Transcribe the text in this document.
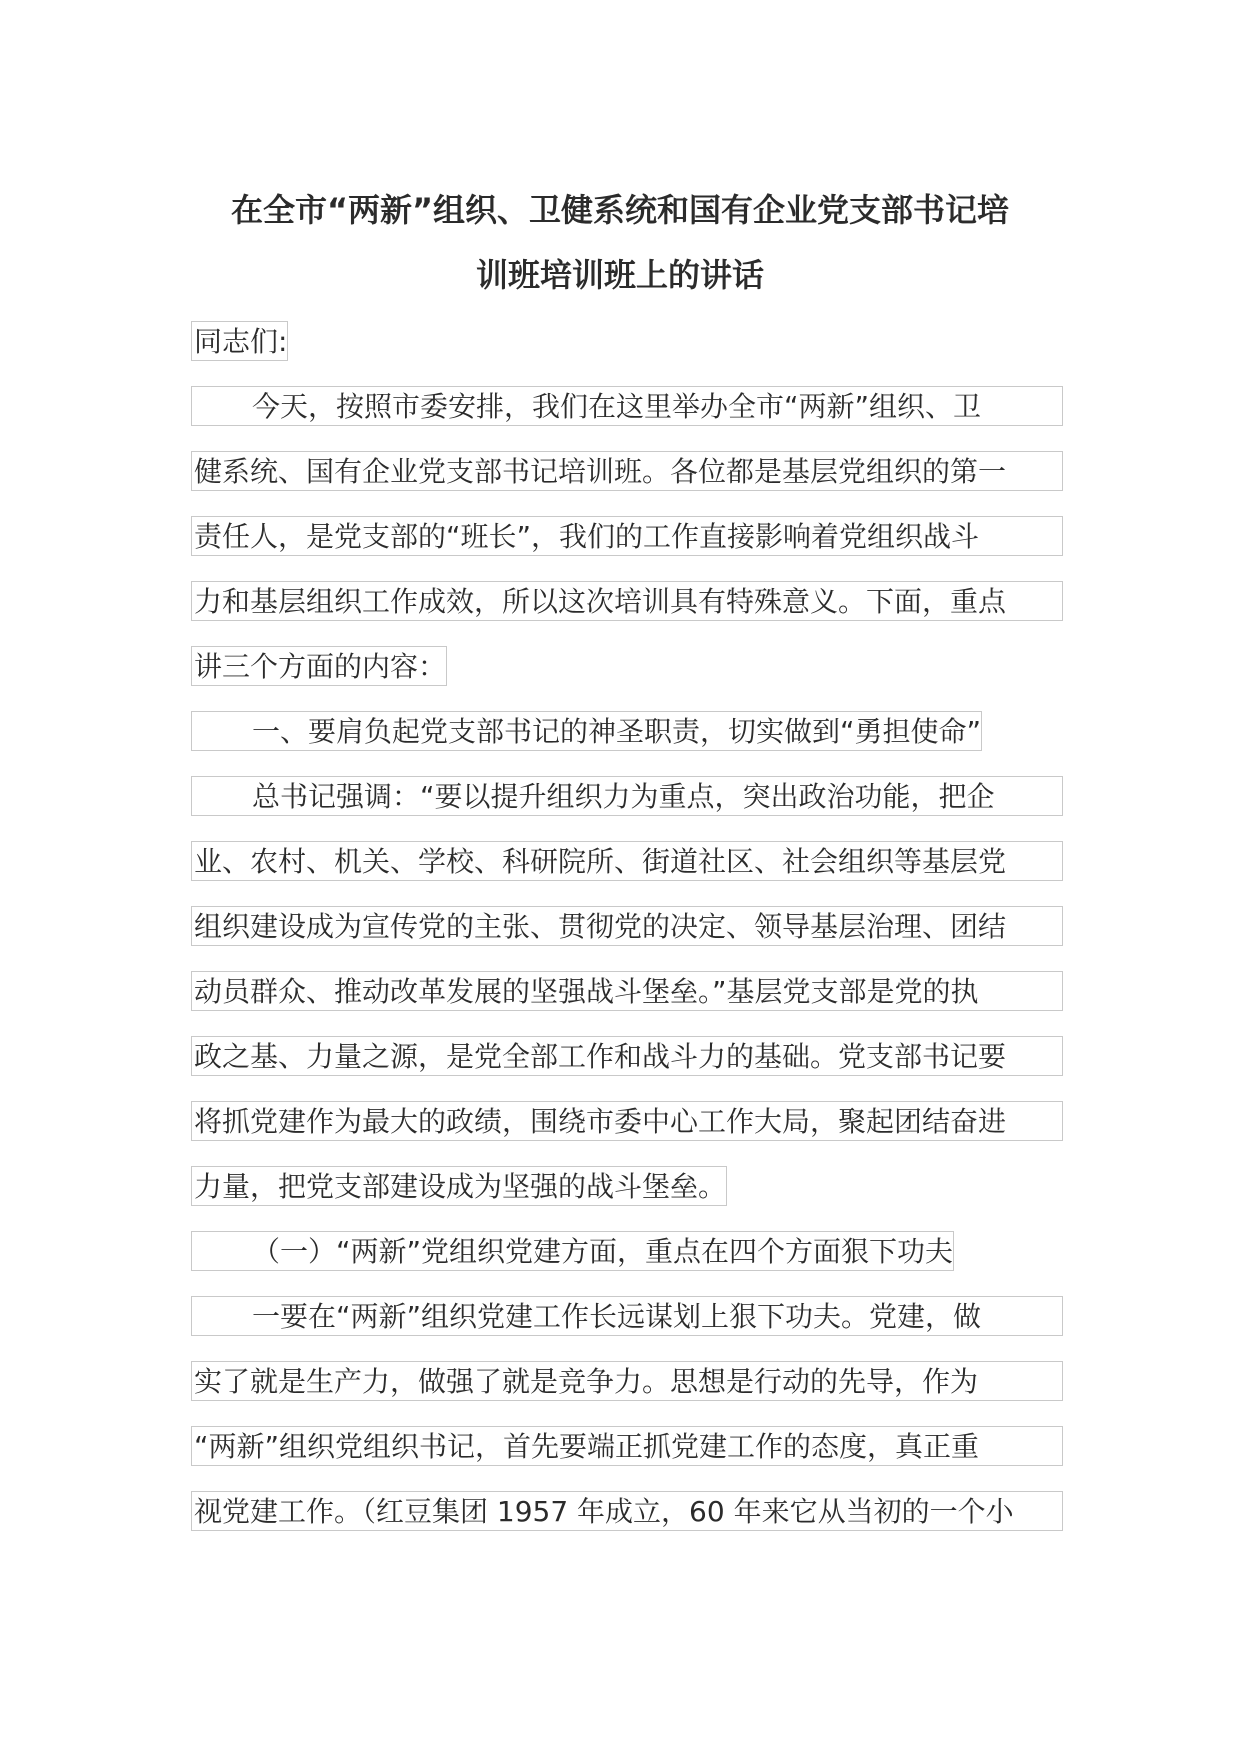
在全市“两新”组织、卫健系统和国有企业党支部书记培
训班培训班上的讲话
同志们:
今天，按照市委安排，我们在这里举办全市“两新”组织、卫
健系统、国有企业党支部书记培训班。各位都是基层党组织的第一
责任人，是党支部的“班长”，我们的工作直接影响着党组织战斗
力和基层组织工作成效，所以这次培训具有特殊意义。下面，重点
讲三个方面的内容：
一、要肩负起党支部书记的神圣职责，切实做到“勇担使命”
总书记强调：“要以提升组织力为重点，突出政治功能，把企
业、农村、机关、学校、科研院所、街道社区、社会组织等基层党
组织建设成为宣传党的主张、贯彻党的决定、领导基层治理、团结
动员群众、推动改革发展的坚强战斗堡垒。”基层党支部是党的执
政之基、力量之源，是党全部工作和战斗力的基础。党支部书记要
将抓党建作为最大的政绩，围绕市委中心工作大局，聚起团结奋进
力量，把党支部建设成为坚强的战斗堡垒。
（一）“两新”党组织党建方面，重点在四个方面狠下功夫
一要在“两新”组织党建工作长远谋划上狠下功夫。党建，做
实了就是生产力，做强了就是竞争力。思想是行动的先导，作为
“两新”组织党组织书记，首先要端正抓党建工作的态度，真正重
视党建工作。（红豆集团 1957 年成立，60 年来它从当初的一个小
